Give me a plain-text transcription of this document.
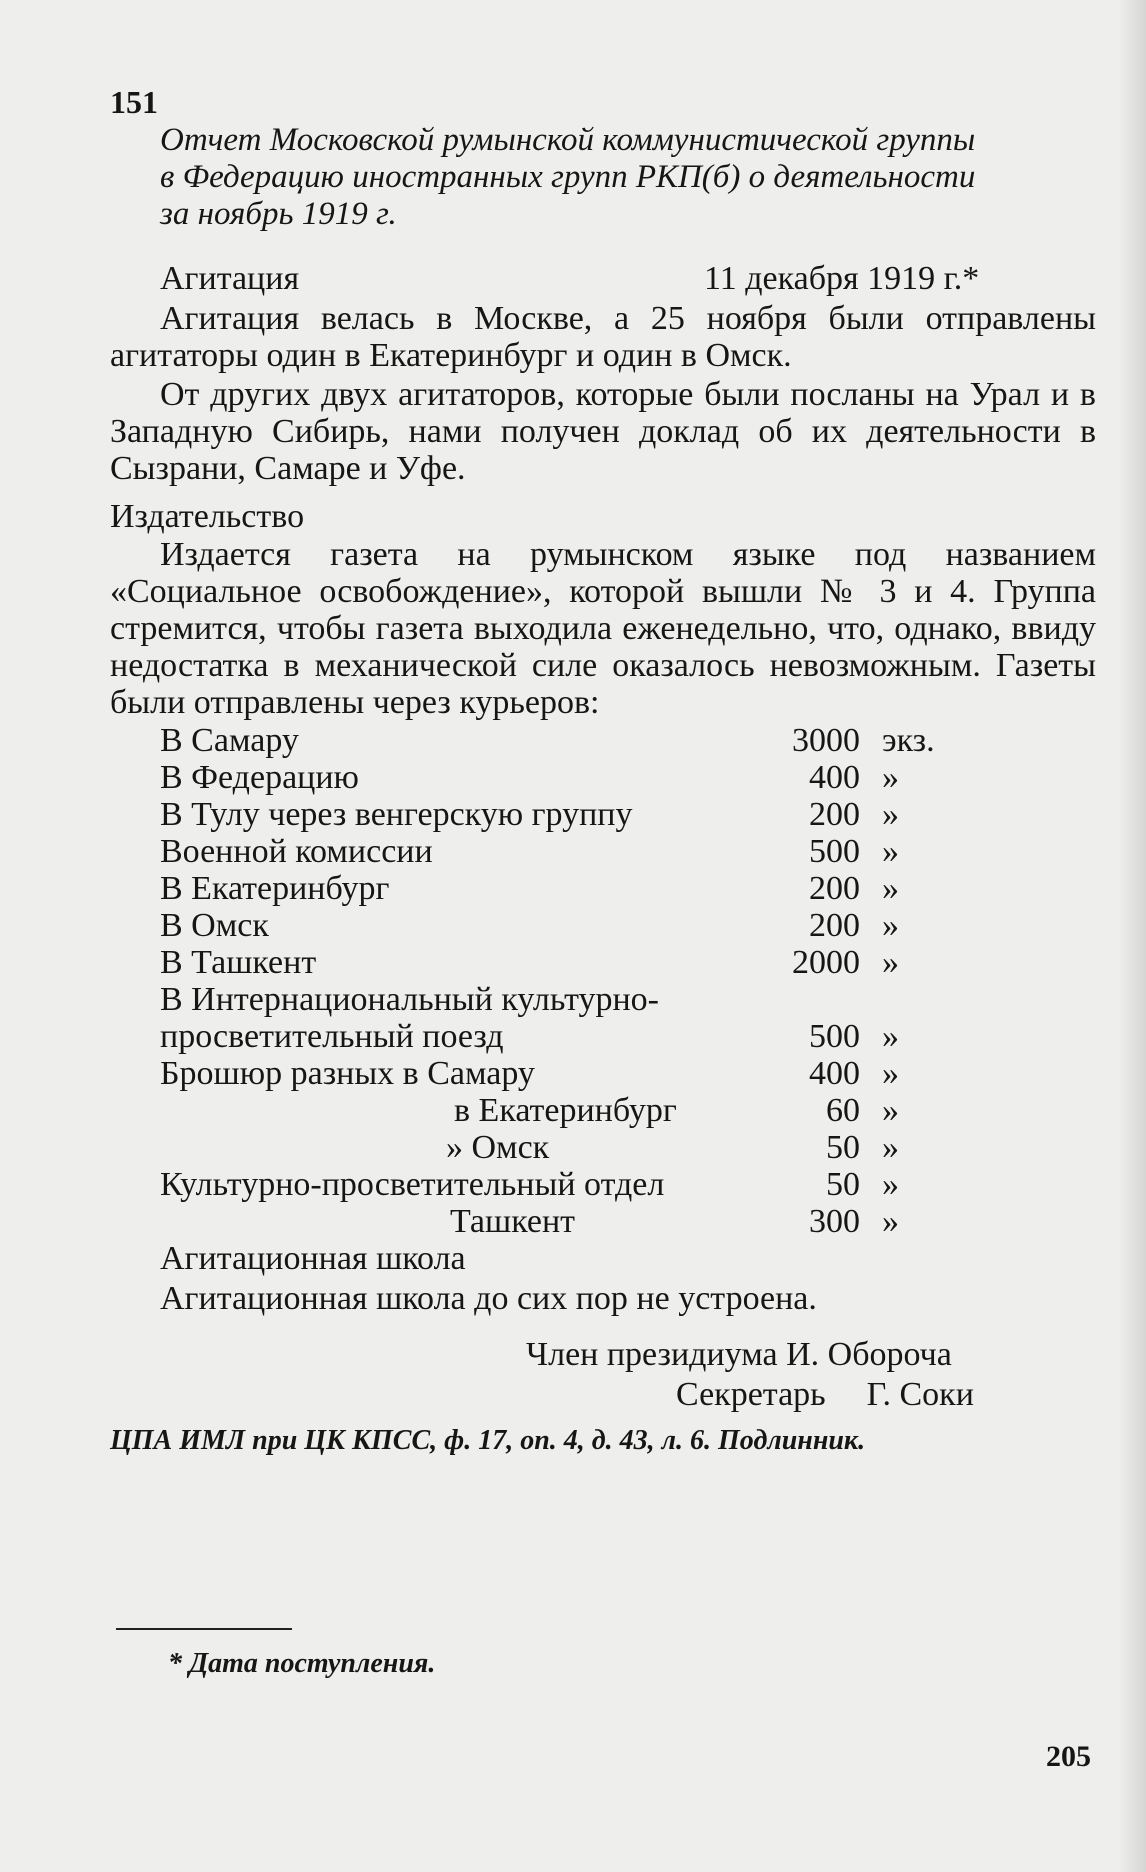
151
Отчет Московской румынской коммунистической группы
в Федерацию иностранных групп РКП(б) о деятельности
за ноябрь 1919 г.
Агитация	11 декабря 1919 г.*
Агитация велась в Москве, а 25 ноября были отправлены агитаторы один в Екатеринбург и один в Омск.
От других двух агитаторов, которые были посланы на Урал и в Западную Сибирь, нами получен доклад об их деятельности в Сызрани, Самаре и Уфе.
Издательство
Издается газета на румынском языке под названием «Социальное освобождение», которой вышли № 3 и 4. Группа стремится, чтобы газета выходила еженедельно, что, однако, ввиду недостатка в механической силе оказалось невозможным. Газеты были отправлены через курьеров:
В Самару	3000 экз.
В Федерацию	400 »
В Тулу через венгерскую группу	200 »
Военной комиссии	500 »
В Екатеринбург	200 »
В Омск	200 »
В Ташкент	2000 »
В Интернациональный культурно-
просветительный поезд	500 »
Брошюр разных в Самару	400 »
в Екатеринбург	60 »
» Омск	50 »
Культурно-просветительный отдел	50 »
Ташкент	300 »
Агитационная школа
Агитационная школа до сих пор не устроена.
Член президиума И. Обороча
Секретарь Г. Соки
ЦПА ИМЛ при ЦК КПСС, ф. 17, оп. 4, д. 43, л. 6. Подлинник.
* Дата поступления.
205
